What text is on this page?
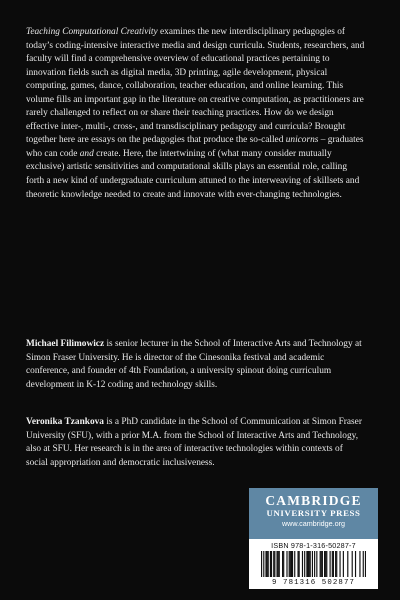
Teaching Computational Creativity examines the new interdisciplinary pedagogies of today’s coding-intensive interactive media and design curricula. Students, researchers, and faculty will find a comprehensive overview of educational practices pertaining to innovation fields such as digital media, 3D printing, agile development, physical computing, games, dance, collaboration, teacher education, and online learning. This volume fills an important gap in the literature on creative computation, as practitioners are rarely challenged to reflect on or share their teaching practices. How do we design effective inter-, multi-, cross-, and transdisciplinary pedagogy and curricula? Brought together here are essays on the pedagogies that produce the so-called unicorns – graduates who can code and create. Here, the intertwining of (what many consider mutually exclusive) artistic sensitivities and computational skills plays an essential role, calling forth a new kind of undergraduate curriculum attuned to the interweaving of skillsets and theoretic knowledge needed to create and innovate with ever-changing technologies.

Michael Filimowicz is senior lecturer in the School of Interactive Arts and Technology at Simon Fraser University. He is director of the Cinesonika festival and academic conference, and founder of 4th Foundation, a university spinout doing curriculum development in K-12 coding and technology skills.

Veronika Tzankova is a PhD candidate in the School of Communication at Simon Fraser University (SFU), with a prior M.A. from the School of Interactive Arts and Technology, also at SFU. Her research is in the area of interactive technologies within contexts of social appropriation and democratic inclusiveness.

CAMBRIDGE
UNIVERSITY PRESS
www.cambridge.org
ISBN 978-1-316-50287-7
9 781316 502877
